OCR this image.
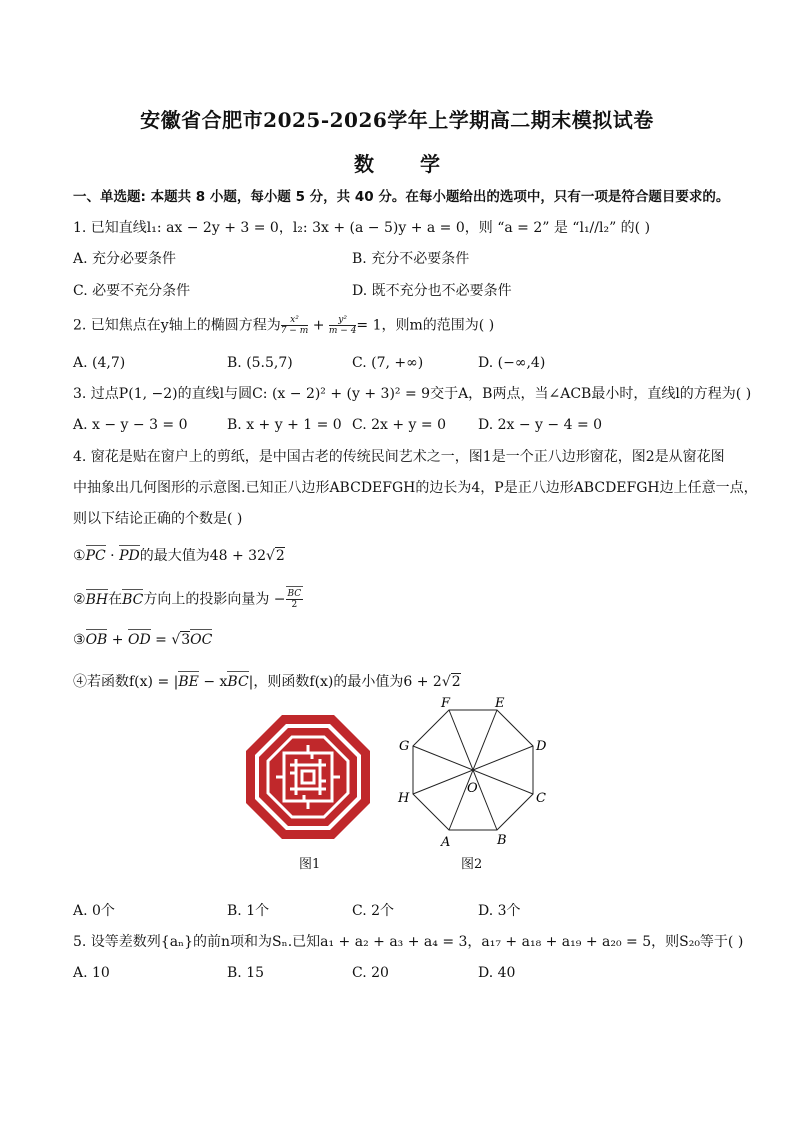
安徽省合肥市2025-2026学年上学期高二期末模拟试卷
数学
一、单选题: 本题共 8 小题，每小题 5 分，共 40 分。在每小题给出的选项中，只有一项是符合题目要求的。
1. 已知直线l₁: ax − 2y + 3 = 0，l₂: 3x + (a − 5)y + a = 0，则 “a = 2” 是 “l₁//l₂” 的( )
A. 充分必要条件	B. 充分不必要条件
C. 必要不充分条件	D. 既不充分也不必要条件
2. 已知焦点在y轴上的椭圆方程为 $\frac{\text{x²}}{7 - m} + \frac{\text{y²}}{m - 4} = 1$，则m的范围为( )
A. (4,7)	B. (5.5,7)	C. (7, +∞)	D. (−∞,4)
3. 过点P(1, −2)的直线l与圆C: (x − 2)² + (y + 3)² = 9交于A，B两点，当∠ACB最小时，直线l的方程为( )
A. x − y − 3 = 0	B. x + y + 1 = 0 C. 2x + y = 0 D. 2x − y − 4 = 0
4. 窗花是贴在窗户上的剪纸，是中国古老的传统民间艺术之一，图1是一个正八边形窗花，图2是从窗花图
中抽象出几何图形的示意图.已知正八边形ABCDEFGH的边长为4，P是正八边形ABCDEFGH边上任意一点，
则以下结论正确的个数是( )
①PC · PD的最大值为48 + 32√2
②BH在BC方向上的投影向量为 − $\frac{BC}{2}$
③OB + OD = √3OC
④若函数f(x) = |BE − xBC|，则函数f(x)的最小值为6 + 2√2
图1
F	E
G	D
O
H	C
A	B
图2
A. 0个	B. 1个	C. 2个	D. 3个
5. 设等差数列{aₙ}的前n项和为Sₙ.已知a₁ + a₂ + a₃ + a₄ = 3，a₁₇ + a₁₈ + a₁₉ + a₂₀ = 5，则S₂₀等于( )
A. 10	B. 15	C. 20	D. 40
